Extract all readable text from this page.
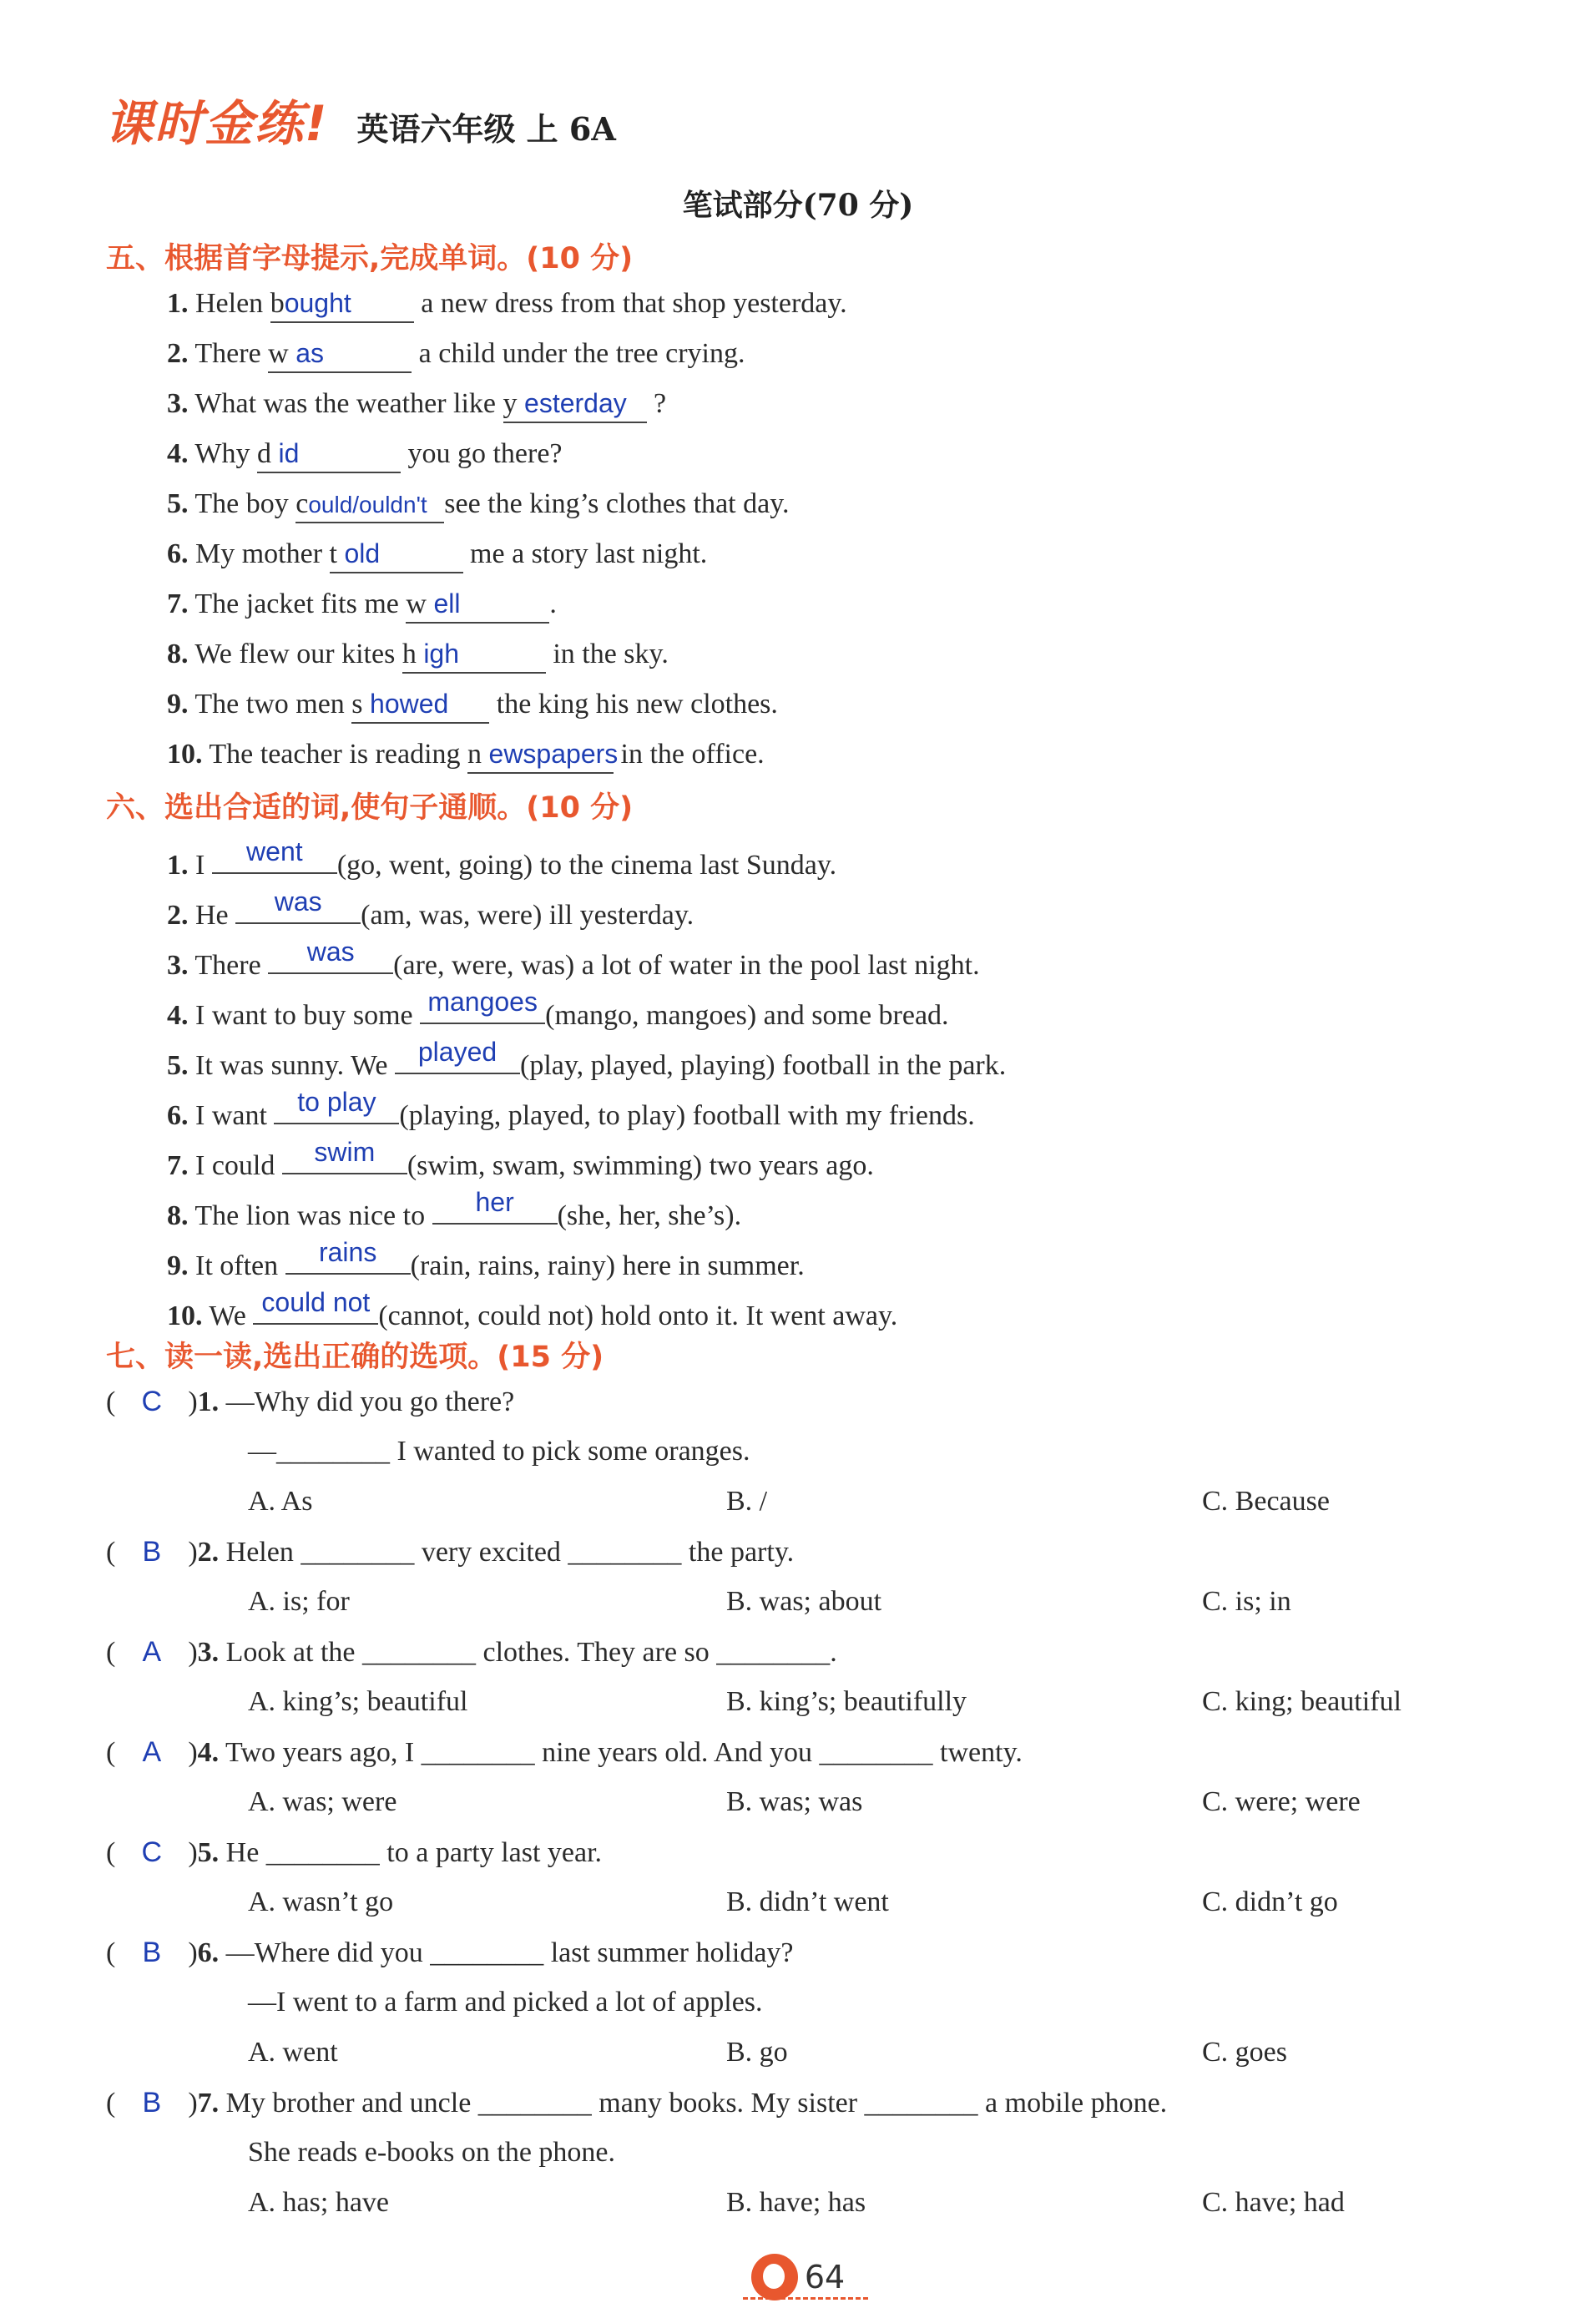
课时金练! 英语六年级 上 6A
笔试部分(70 分)
五、根据首字母提示,完成单词。(10 分)
1. Helen bought a new dress from that shop yesterday.
2. There w as	a child under the tree crying.
3. What was the weather like y esterday ?
4. Why d id	you go there?
5. The boy could/ouldn't see the king’s clothes that day.
6. My mother t old	me a story last night.
7. The jacket fits me w ell	.
8. We flew our kites h igh	in the sky.
9. The two men s howed the king his new clothes.
10. The teacher is reading n ewspapers in the office.
六、选出合适的词,使句子通顺。(10 分)
1. I	went	(go, went, going) to the cinema last Sunday.
2. He	was	(am, was, were) ill yesterday.
3. There	was	(are, were, was) a lot of water in the pool last night.
4. I want to buy some mangoes (mango, mangoes) and some bread.
5. It was sunny. We	played (play, played, playing) football in the park.
6. I want	to play (playing, played, to play) football with my friends.
7. I could	swim	(swim, swam, swimming) two years ago.
8. The lion was nice to	her	(she, her, she’s).
9. It often	rains	(rain, rains, rainy) here in summer.
10. We could not (cannot, could not) hold onto it. It went away.
七、读一读,选出正确的选项。(15 分)
( C )1. —Why did you go there?
—________ I wanted to pick some oranges.
A. As	B. /	C. Because
( B )2. Helen ________ very excited ________ the party.
A. is; for	B. was; about	C. is; in
( A )3. Look at the ________ clothes. They are so ________.
A. king’s; beautiful	B. king’s; beautifully	C. king; beautiful
( A )4. Two years ago, I ________ nine years old. And you ________ twenty.
A. was; were	B. was; was	C. were; were
( C )5. He ________ to a party last year.
A. wasn’t go	B. didn’t went	C. didn’t go
( B )6. —Where did you ________ last summer holiday?
—I went to a farm and picked a lot of apples.
A. went	B. go	C. goes
( B )7. My brother and uncle ________ many books. My sister ________ a mobile phone.
She reads e-books on the phone.
A. has; have	B. have; has	C. have; had
64
